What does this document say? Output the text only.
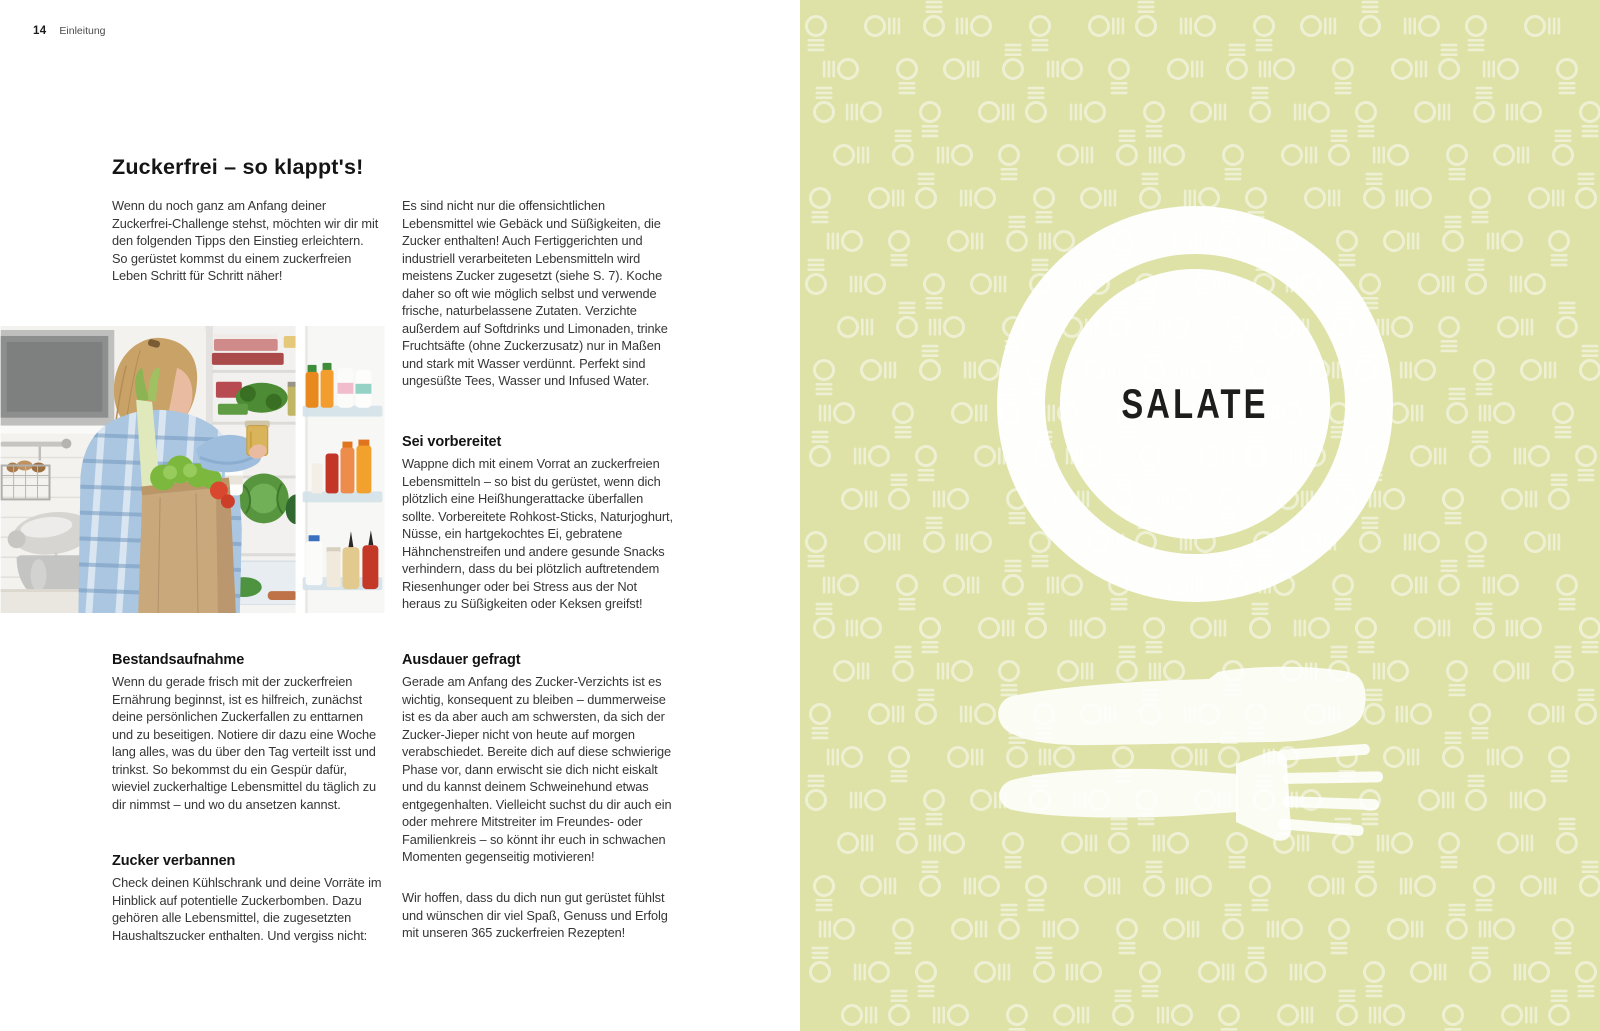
14 Einleitung
Zuckerfrei – so klappt's!

Wenn du noch ganz am Anfang deiner Zuckerfrei-Challenge stehst, möchten wir dir mit den folgenden Tipps den Einstieg erleichtern. So gerüstet kommst du einem zuckerfreien Leben Schritt für Schritt näher!

Bestandsaufnahme

Wenn du gerade frisch mit der zuckerfreien Ernährung beginnst, ist es hilfreich, zunächst deine persönlichen Zuckerfallen zu enttarnen und zu beseitigen. Notiere dir dazu eine Woche lang alles, was du über den Tag verteilt isst und trinkst. So bekommst du ein Gespür dafür, wieviel zuckerhaltige Lebensmittel du täglich zu dir nimmst – und wo du ansetzen kannst.

Zucker verbannen

Check deinen Kühlschrank und deine Vorräte im Hinblick auf potentielle Zuckerbomben. Dazu gehören alle Lebensmittel, die zugesetzten Haushaltszucker enthalten. Und vergiss nicht:

Es sind nicht nur die offensichtlichen Lebensmittel wie Gebäck und Süßigkeiten, die Zucker enthalten! Auch Fertiggerichten und industriell verarbeiteten Lebensmitteln wird meistens Zucker zugesetzt (siehe S. 7). Koche daher so oft wie möglich selbst und verwende frische, naturbelassene Zutaten. Verzichte außerdem auf Softdrinks und Limonaden, trinke Fruchtsäfte (ohne Zuckerzusatz) nur in Maßen und stark mit Wasser verdünnt. Perfekt sind ungesüßte Tees, Wasser und Infused Water.

Sei vorbereitet

Wappne dich mit einem Vorrat an zuckerfreien Lebensmitteln – so bist du gerüstet, wenn dich plötzlich eine Heißhungerattacke überfallen sollte. Vorbereitete Rohkost-Sticks, Naturjoghurt, Nüsse, ein hartgekochtes Ei, gebratene Hähnchenstreifen und andere gesunde Snacks verhindern, dass du bei plötzlich auftretendem Riesenhunger oder bei Stress aus der Not heraus zu Süßigkeiten oder Keksen greifst!

Ausdauer gefragt

Gerade am Anfang des Zucker-Verzichts ist es wichtig, konsequent zu bleiben – dummerweise ist es da aber auch am schwersten, da sich der Zucker-Jieper nicht von heute auf morgen verabschiedet. Bereite dich auf diese schwierige Phase vor, dann erwischt sie dich nicht eiskalt und du kannst deinem Schweinehund etwas entgegenhalten. Vielleicht suchst du dir auch ein oder mehrere Mitstreiter im Freundes- oder Familienkreis – so könnt ihr euch in schwachen Momenten gegenseitig motivieren!

Wir hoffen, dass du dich nun gut gerüstet fühlst und wünschen dir viel Spaß, Genuss und Erfolg mit unseren 365 zuckerfreien Rezepten!

SALATE
